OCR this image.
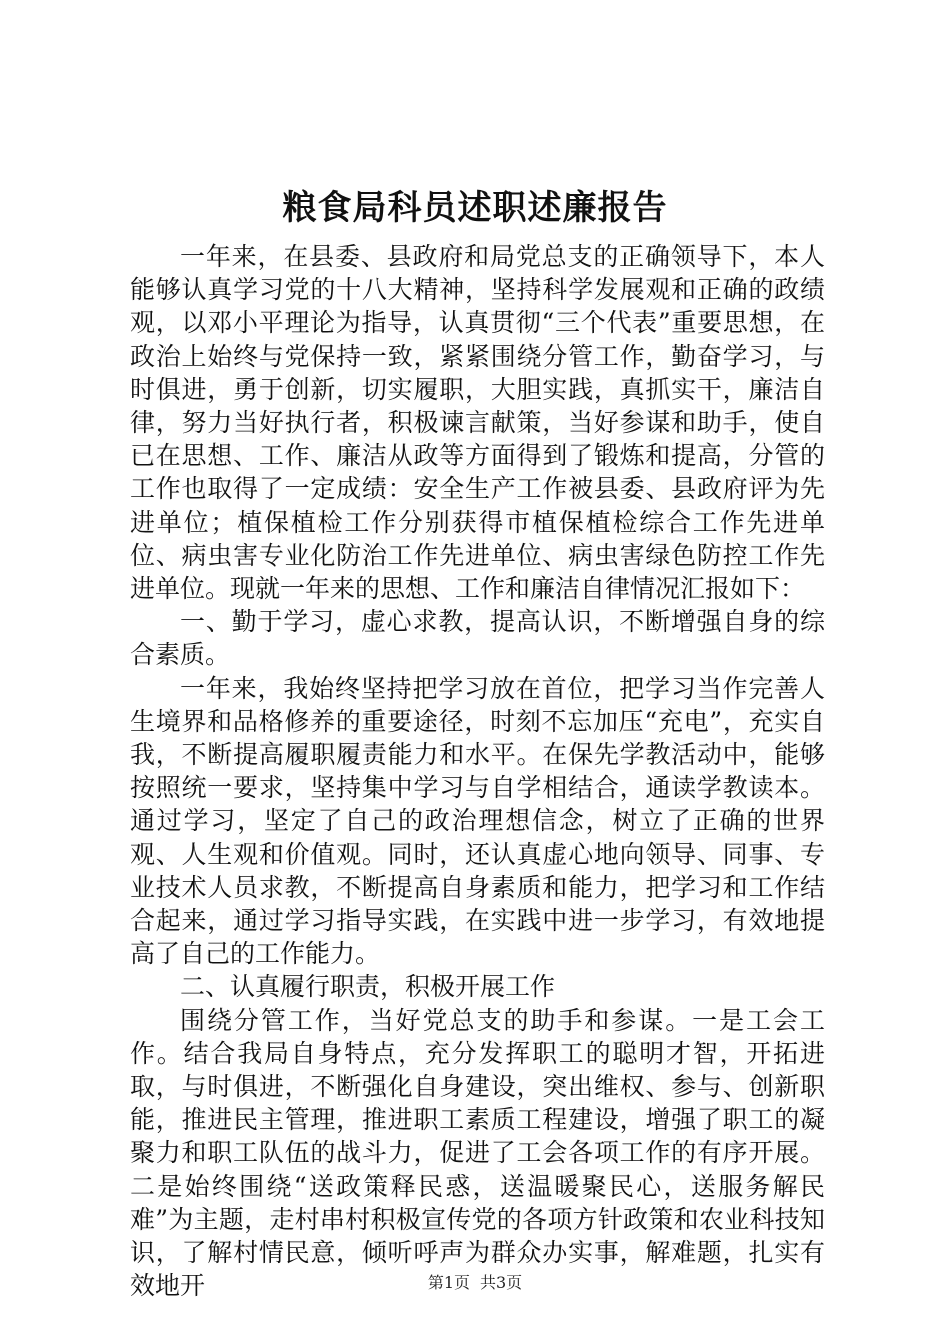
粮食局科员述职述廉报告

一年来，在县委、县政府和局党总支的正确领导下，本人能够认真学习党的十八大精神，坚持科学发展观和正确的政绩观，以邓小平理论为指导，认真贯彻“三个代表”重要思想，在政治上始终与党保持一致，紧紧围绕分管工作，勤奋学习，与时俱进，勇于创新，切实履职，大胆实践，真抓实干，廉洁自律，努力当好执行者，积极谏言献策，当好参谋和助手，使自已在思想、工作、廉洁从政等方面得到了锻炼和提高，分管的工作也取得了一定成绩：安全生产工作被县委、县政府评为先进单位；植保植检工作分别获得市植保植检综合工作先进单位、病虫害专业化防治工作先进单位、病虫害绿色防控工作先进单位。现就一年来的思想、工作和廉洁自律情况汇报如下：

一、勤于学习，虚心求教，提高认识，不断增强自身的综合素质。

一年来，我始终坚持把学习放在首位，把学习当作完善人生境界和品格修养的重要途径，时刻不忘加压“充电”，充实自我，不断提高履职履责能力和水平。在保先学教活动中，能够按照统一要求，坚持集中学习与自学相结合，通读学教读本。通过学习，坚定了自己的政治理想信念，树立了正确的世界观、人生观和价值观。同时，还认真虚心地向领导、同事、专业技术人员求教，不断提高自身素质和能力，把学习和工作结合起来，通过学习指导实践，在实践中进一步学习，有效地提高了自己的工作能力。

二、认真履行职责，积极开展工作

围绕分管工作，当好党总支的助手和参谋。一是工会工作。结合我局自身特点，充分发挥职工的聪明才智，开拓进取，与时俱进，不断强化自身建设，突出维权、参与、创新职能，推进民主管理，推进职工素质工程建设，增强了职工的凝聚力和职工队伍的战斗力，促进了工会各项工作的有序开展。二是始终围绕“送政策释民惑，送温暖聚民心，送服务解民难”为主题，走村串村积极宣传党的各项方针政策和农业科技知识，了解村情民意，倾听呼声为群众办实事，解难题，扎实有效地开	第1页 共3页
